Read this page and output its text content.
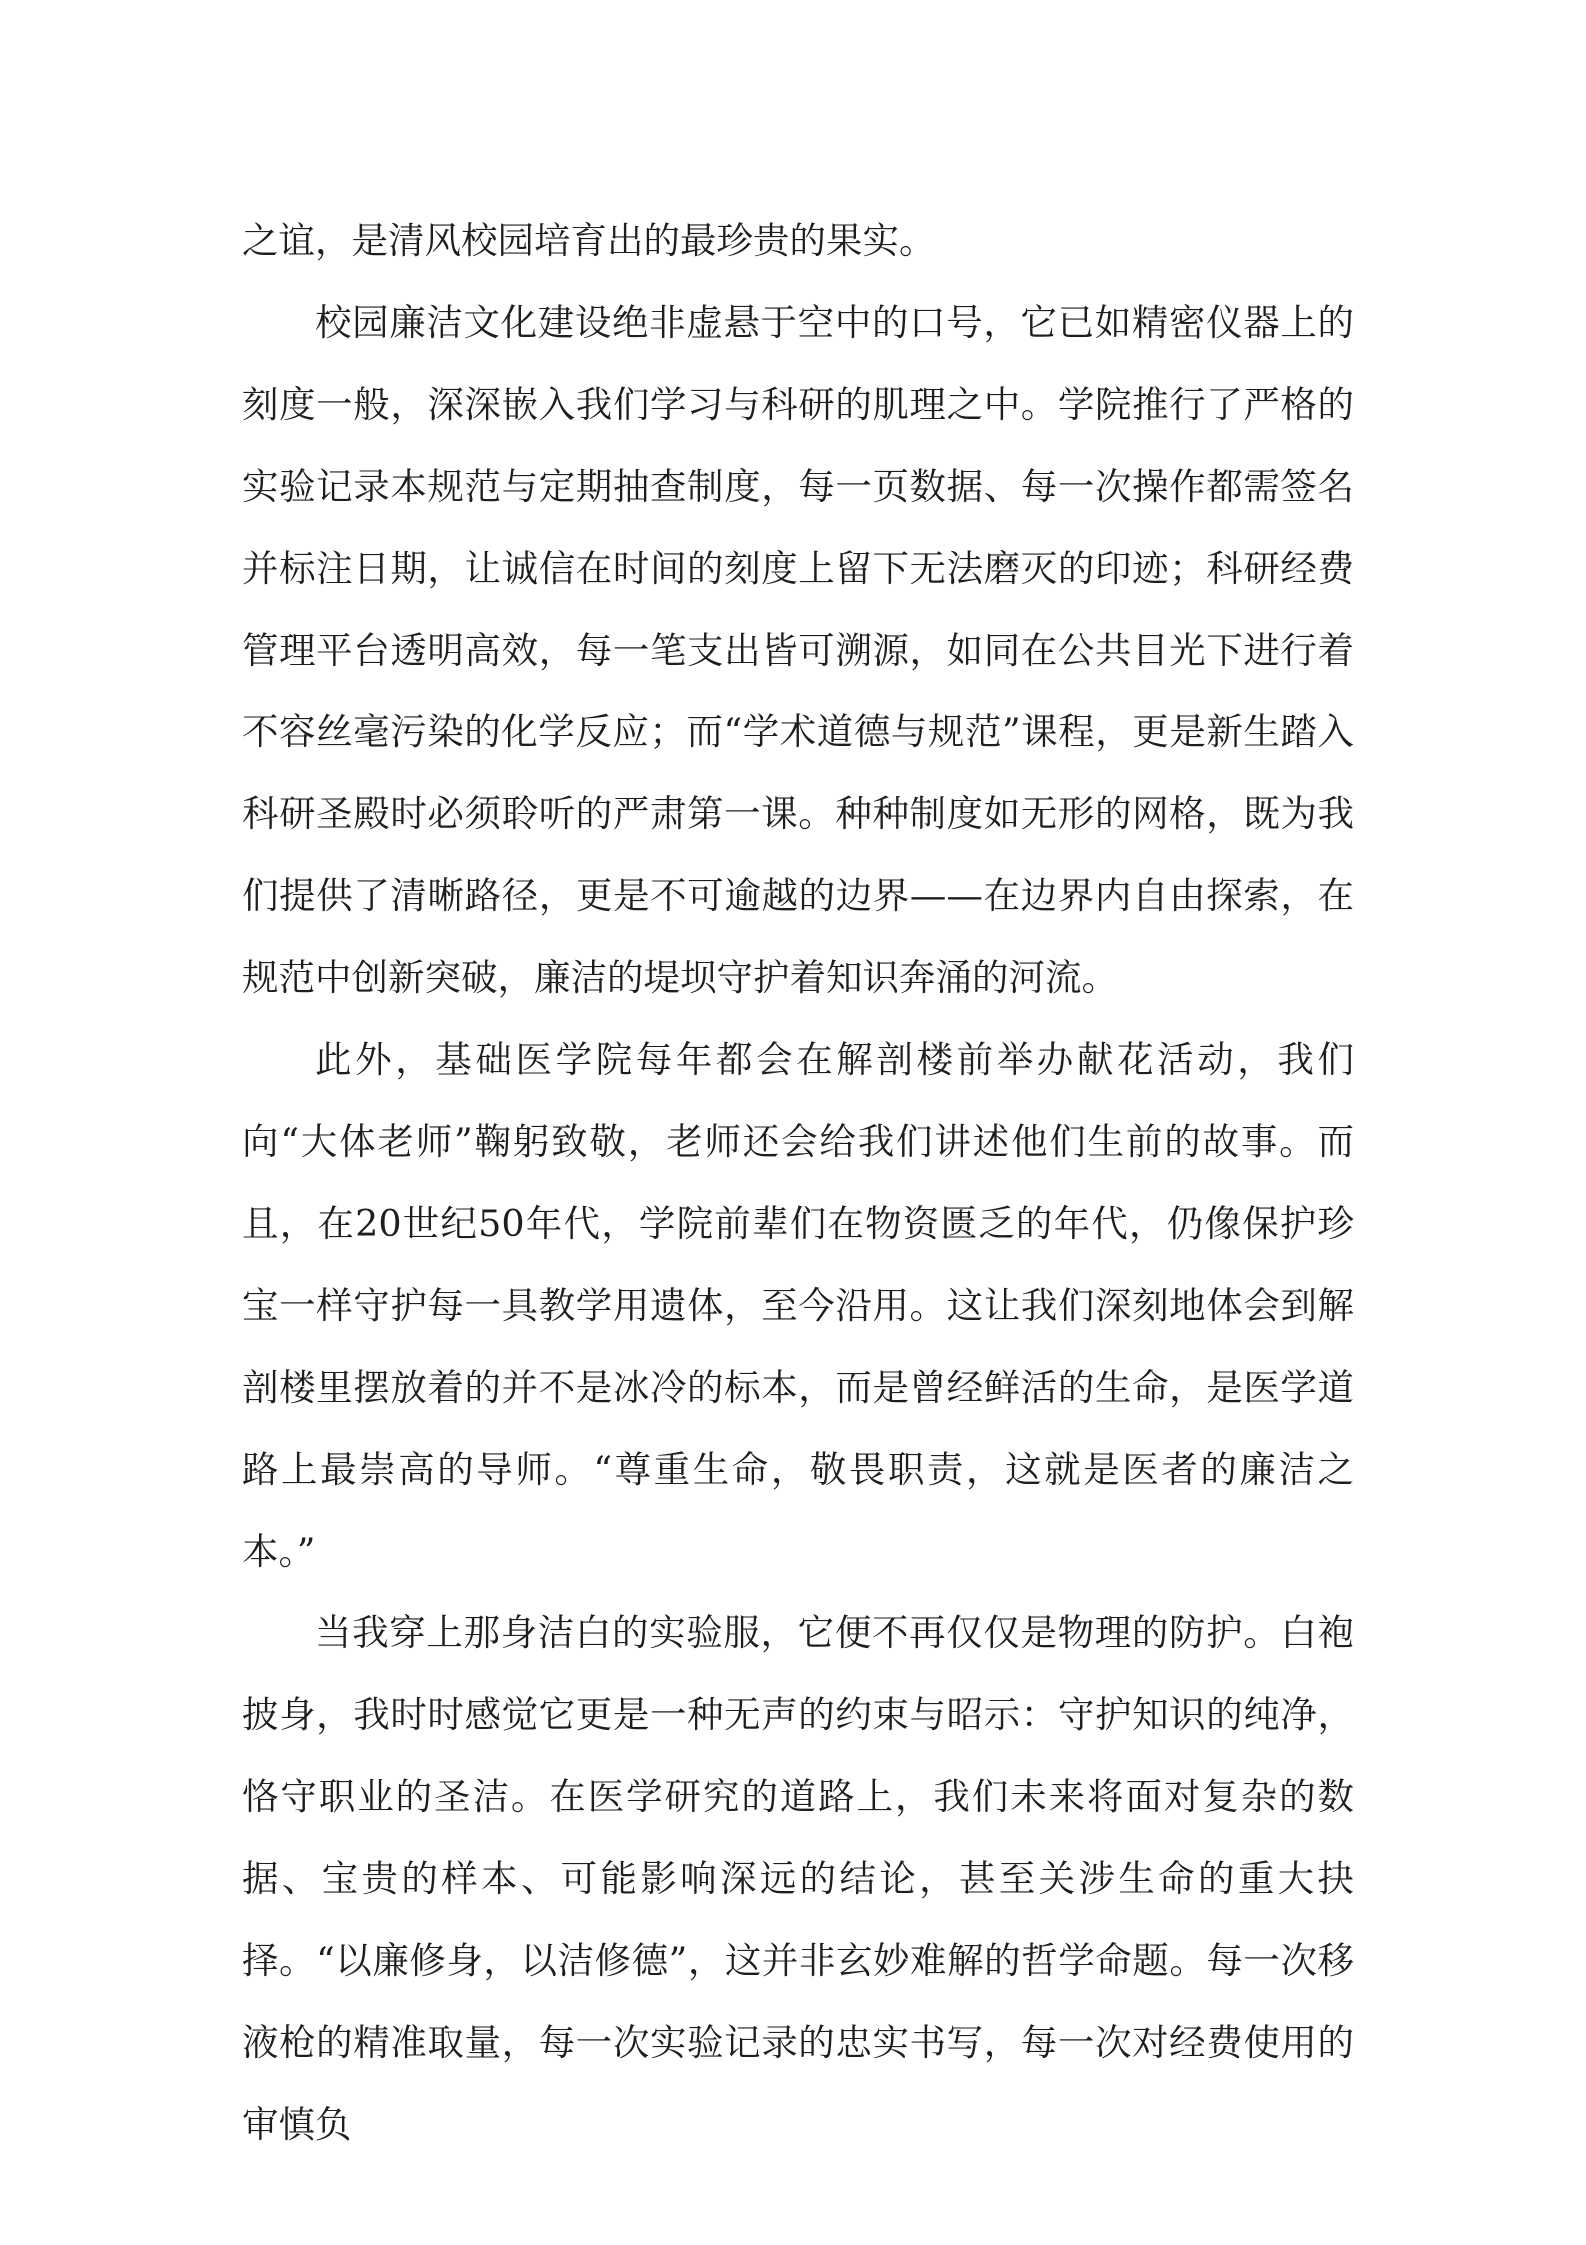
之谊，是清风校园培育出的最珍贵的果实。

校园廉洁文化建设绝非虚悬于空中的口号，它已如精密仪器上的刻度一般，深深嵌入我们学习与科研的肌理之中。学院推行了严格的实验记录本规范与定期抽查制度，每一页数据、每一次操作都需签名并标注日期，让诚信在时间的刻度上留下无法磨灭的印迹；科研经费管理平台透明高效，每一笔支出皆可溯源，如同在公共目光下进行着不容丝毫污染的化学反应；而“学术道德与规范”课程，更是新生踏入科研圣殿时必须聆听的严肃第一课。种种制度如无形的网格，既为我们提供了清晰路径，更是不可逾越的边界——在边界内自由探索，在规范中创新突破，廉洁的堤坝守护着知识奔涌的河流。

此外，基础医学院每年都会在解剖楼前举办献花活动，我们向“大体老师”鞠躬致敬，老师还会给我们讲述他们生前的故事。而且，在20世纪50年代，学院前辈们在物资匮乏的年代，仍像保护珍宝一样守护每一具教学用遗体，至今沿用。这让我们深刻地体会到解剖楼里摆放着的并不是冰冷的标本，而是曾经鲜活的生命，是医学道路上最崇高的导师。“尊重生命，敬畏职责，这就是医者的廉洁之本。”

当我穿上那身洁白的实验服，它便不再仅仅是物理的防护。白袍披身，我时时感觉它更是一种无声的约束与昭示：守护知识的纯净，恪守职业的圣洁。在医学研究的道路上，我们未来将面对复杂的数据、宝贵的样本、可能影响深远的结论，甚至关涉生命的重大抉择。“以廉修身，以洁修德”，这并非玄妙难解的哲学命题。每一次移液枪的精准取量，每一次实验记录的忠实书写，每一次对经费使用的审慎负
